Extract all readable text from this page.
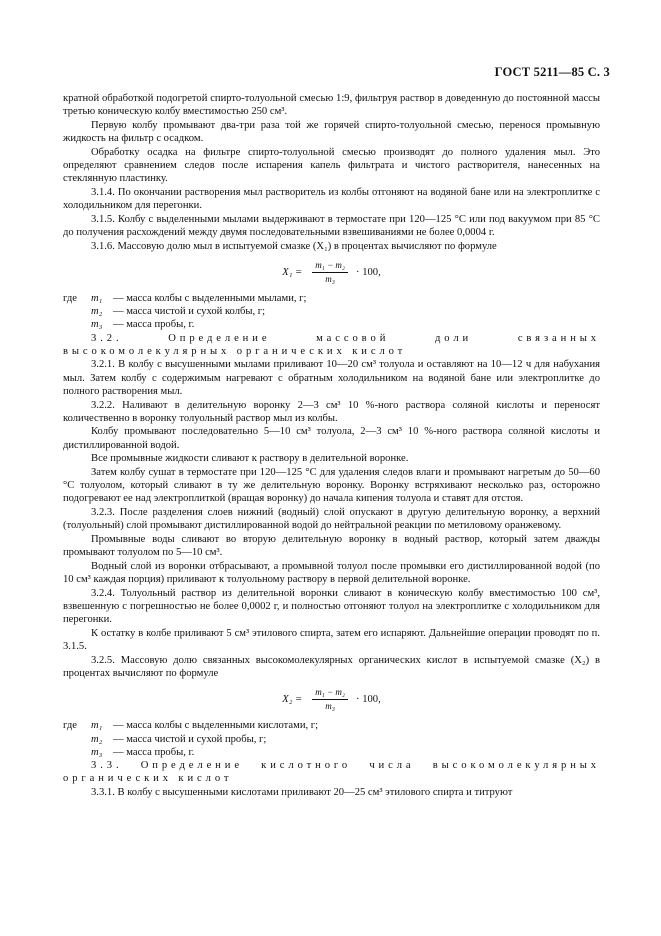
ГОСТ 5211—85 С. 3

кратной обработкой подогретой спирто-толуольной смесью 1:9, фильтруя раствор в доведенную до постоянной массы третью коническую колбу вместимостью 250 см³.

Первую колбу промывают два-три раза той же горячей спирто-толуольной смесью, перенося промывную жидкость на фильтр с осадком.

Обработку осадка на фильтре спирто-толуольной смесью производят до полного удаления мыл. Это определяют сравнением следов после испарения капель фильтрата и чистого растворителя, нанесенных на стеклянную пластинку.

3.1.4. По окончании растворения мыл растворитель из колбы отгоняют на водяной бане или на электроплитке с холодильником для перегонки.

3.1.5. Колбу с выделенными мылами выдерживают в термостате при 120—125 °С или под вакуумом при 85 °С до получения расхождений между двумя последовательными взвешиваниями не более 0,0004 г.

3.1.6. Массовую долю мыл в испытуемой смазке (X₁) в процентах вычисляют по формуле

$X_1 = \frac{\text{m₁ − m₂}}{\text{m₃}} \cdot 100$,
где	m₁	— масса колбы с выделенными мылами, г;
m₂	— масса чистой и сухой колбы, г;
m₃	— масса пробы, г.

3.2. Определение массовой доли связанных высокомолекулярных органических кислот

3.2.1. В колбу с высушенными мылами приливают 10—20 см³ толуола и оставляют на 10—12 ч для набухания мыл. Затем колбу с содержимым нагревают с обратным холодильником на водяной бане или электроплитке до полного растворения мыл.

3.2.2. Наливают в делительную воронку 2—3 см³ 10 %-ного раствора соляной кислоты и переносят количественно в воронку толуольный раствор мыл из колбы.

Колбу промывают последовательно 5—10 см³ толуола, 2—3 см³ 10 %-ного раствора соляной кислоты и дистиллированной водой.

Все промывные жидкости сливают к раствору в делительной воронке.

Затем колбу сушат в термостате при 120—125 °С для удаления следов влаги и промывают нагретым до 50—60 °С толуолом, который сливают в ту же делительную воронку. Воронку встряхивают несколько раз, осторожно подогревают ее над электроплиткой (вращая воронку) до начала кипения толуола и ставят для отстоя.

3.2.3. После разделения слоев нижний (водный) слой опускают в другую делительную воронку, а верхний (толуольный) слой промывают дистиллированной водой до нейтральной реакции по метиловому оранжевому.

Промывные воды сливают во вторую делительную воронку в водный раствор, который затем дважды промывают толуолом по 5—10 см³.

Водный слой из воронки отбрасывают, а промывной толуол после промывки его дистиллированной водой (по 10 см³ каждая порция) приливают к толуольному раствору в первой делительной воронке.

3.2.4. Толуольный раствор из делительной воронки сливают в коническую колбу вместимостью 100 см³, взвешенную с погрешностью не более 0,0002 г, и полностью отгоняют толуол на электроплитке с холодильником для перегонки.

К остатку в колбе приливают 5 см³ этилового спирта, затем его испаряют. Дальнейшие операции проводят по п. 3.1.5.

3.2.5. Массовую долю связанных высокомолекулярных органических кислот в испытуемой смазке (X₂) в процентах вычисляют по формуле

$X_2 = \frac{\text{m₁ − m₂}}{\text{m₃}} \cdot 100$,
где	m₁	— масса колбы с выделенными кислотами, г;
m₂	— масса чистой и сухой пробы, г;
m₃	— масса пробы, г.

3.3. Определение кислотного числа высокомолекулярных органических кислот

3.3.1. В колбу с высушенными кислотами приливают 20—25 см³ этилового спирта и титруют
